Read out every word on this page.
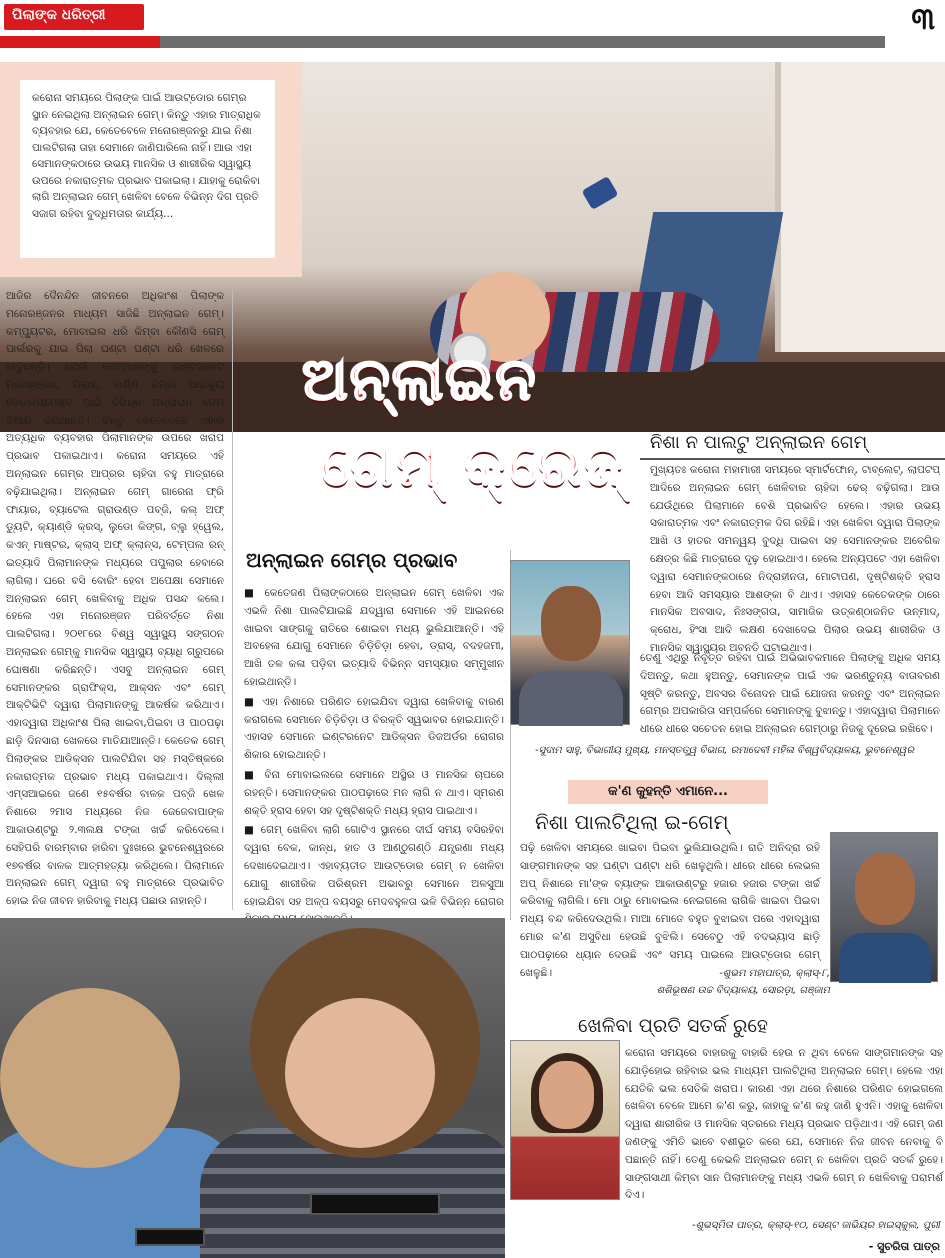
ପିଲାଙ୍କ ଧରିତ୍ରୀ	୩
କରୋନା ସମୟରେ ପିଲାଙ୍କ ପାଇଁ ଆଉଟ୍‌ଡୋର ଗେମ୍‌ର ସ୍ଥାନ ନେଇଥିଲା ଅନ୍‌ଲାଇନ ଗେମ୍। କିନ୍ତୁ ଏହାର ମାତ୍ରାଧିକ ବ୍ୟବହାର ଯେ, କେତେବେଳେ ମନୋରଞ୍ଜନରୁ ଯାଇ ନିଶା ପାଲଟିଗଲା ତାହା ସେମାନେ ଜାଣିପାରିଲେ ନାହିଁ। ଆଉ ଏହା ସେମାନଙ୍କଠାରେ ଉଭୟ ମାନସିକ ଓ ଶାରୀରିକ ସ୍ୱାସ୍ଥ୍ୟ ଉପରେ ନକାରାତ୍ମକ ପ୍ରଭାବ ପକାଇଲା। ଯାହାକୁ ରୋକିବା ଲାଗି ଅନ୍‌ଲାଇନ ଗେମ୍ ଖେଳିବା ବେଳେ ବିଭିନ୍ନ ଦିଗ ପ୍ରତି ସଜାଗ ରହିବା ବୁଦ୍ଧିମତାର କାର୍ଯ୍ୟ...
ଅନ୍‌ଲାଇନ
ଗେମ୍ କ୍ରେଜ୍
ଆଜିର ଦୈନନ୍ଦିନ ଜୀବନରେ ଅଧିକାଂଶ ପିଲାଙ୍କ ମନୋରଞ୍ଜନର ମାଧ୍ୟମ ସାଜିଛି ଅନ୍‌ଲାଇନ ଗେମ୍। କମ୍ପ୍ୟୁଟର, ମୋବାଇଲ ଧରି କିମ୍ବା କୌଣସି ଗେମ୍ ପାର୍ଲରକୁ ଯାଇ ପିଲା ଘଣ୍ଟା ଘଣ୍ଟା ଧରି ଖେଳରେ ମାତୁଛନ୍ତି। ଯେଉଁ ଗେମ୍‌ମାନଙ୍କୁ ଇଣ୍ଟରନେଟ ମନୋରଞ୍ଜନ, ଗିଲାବ୍, ଲର୍ଣ୍ଣ କିମ୍ବା ଆଇକ୍ୟୁ ଡେଭଲପ୍‌ମେଣ୍ଟ ପାଇଁ ବିଭିନ୍ନ ଅନ୍‌ଲାଇନ ଗେମ୍ ତିଆରି କରିଥାନ୍ତି। କିନ୍ତୁ କେତେବେଳେ ଏହାର ଅତ୍ୟଧିକ ବ୍ୟବହାର ପିଲାମାନଙ୍କ ଉପରେ ଖରାପ ପ୍ରଭାବ ପକାଇଥାଏ। କରୋନା ସମୟରେ ଏହି ଅନ୍‌ଲାଇନ ଗେମ୍‌ର ଆପ୍ରର ଚାହିଦା ବହୁ ମାତ୍ରାରେ ବଢ଼ିଯାଇଥିଲା। ଅନ୍‌ଲାଇନ ଗେମ୍ ଗାରେନା ଫ୍ରି ଫାୟାର, ବ୍ୟାଟେଲ ଗ୍ରାଉଣ୍ଡ ପବ୍‌ଜି, କଲ୍ ଅଫ୍ ଡ୍ୟୁଟି, କ୍ୟାଣ୍ଡି କ୍ରସ୍, ଲୁଡୋ କିଙ୍ଗ, ବ୍ଲୁ ହ୍ୱେଲ, କଏନ୍ ମାଷ୍ଟର, କ୍ଲାସ୍ ଅଫ୍ କ୍ଲାନ୍ସ, ଟେମ୍ପଲ ରନ୍ ଇତ୍ୟାଦି ପିଲାମାନଙ୍କ ମଧ୍ୟରେ ପପୁଲାର ହେବାରେ ଲାଗିଲା। ଘରେ ବସି ବୋରିଂ ହେବା ଅପେକ୍ଷା ସେମାନେ ଅନ୍‌ଲାଇନ ଗେମ୍ ଖେଳିବାକୁ ଅଧିକ ପସନ୍ଦ କଲେ। ହେଲେ ଏହା ମନୋରଞ୍ଜନ ପରିବର୍ତ୍ତେ ନିଶା ପାଲଟିଗଲା। ୨୦୧୮ରେ ବିଶ୍ୱ ସ୍ୱାସ୍ଥ୍ୟ ସଙ୍ଗଠନ ଅନ୍‌ଲାଇନ ଗେମ୍‌କୁ ମାନସିକ ସ୍ୱାସ୍ଥ୍ୟ ବ୍ୟାଧି ଗ୍ରୁପରେ ଘୋଷଣା କରିଛନ୍ତି। ଏସବୁ ଅନ୍‌ଲାଇନ ଗେମ୍ ସେମାନଙ୍କର ଗ୍ରାଫିକ୍ସ, ଆକ୍ସନ ଏବଂ ଗେମ୍ ଆକ୍ଟିଭିଟି ଦ୍ୱାରା ପିଲାମାନଙ୍କୁ ଆକର୍ଷକ କରିଥାଏ। ଏହାଦ୍ୱାରା ଅଧିକାଂଶ ପିଲା ଖାଇବା,ପିଇବା ଓ ପାଠପଢ଼ା ଛାଡ଼ି ଦିନସାରା ଖେଳରେ ମାତିଯାଆନ୍ତି। କେତେକ ଗେମ୍ ପିଲାଙ୍କର ଆଡିକ୍ସନ ପାଲଟିଯିବା ସହ ମସ୍ତିଷ୍କରେ ନକାରାତ୍ମକ ପ୍ରଭାବ ମଧ୍ୟ ପକାଇଥାଏ। ଦିଲ୍ଲୀ ଏମ୍ସଆଇରେ ଜଣେ ୧୫ବର୍ଷର ବାଳକ ପବ୍‌ଜି ଖେଳ ନିଶାରେ ୨ମାସ ମଧ୍ୟରେ ନିଜ ଜେଜେବାପାଙ୍କ ଆକାଉଣ୍ଟରୁ ୨.୩ଲକ୍ଷ ଟଙ୍କା ଖର୍ଚ୍ଚ କରିଦେଲେ। ସେହିପରି ବାରମ୍ବାର ହାରିବା ଦୁଃଖରେ ଭୁବନେଶ୍ୱରରେ ୧୭ବର୍ଷର ବାଳକ ଆତ୍ମହତ୍ୟା କରିଥିଲେ। ପିଲାମାନେ ଅନ୍‌ଲାଇନ ଗେମ୍ ଦ୍ୱାରା ବହୁ ମାତ୍ରାରେ ପ୍ରଭାବିତ ହୋଇ ନିଜ ଜୀବନ ହାରିବାକୁ ମଧ୍ୟ ପଛାଉ ନାହାନ୍ତି।
ଅନ୍‌ଲାଇନ ଗେମ୍‌ର ପ୍ରଭାବ

■ କେତେଜଣ ପିଲାଙ୍କଠାରେ ଅନ୍‌ଲାଇନ ଗେମ୍ ଖେଳିବା ଏକ ଏଭଳି ନିଶା ପାଲଟିଯାଇଛି ଯଦ୍ୱାରା ସେମାନେ ଏହି ଆଇନରେ ଖାଇବା ସାଙ୍ଗକୁ ରାତିରେ ଶୋଇବା ମଧ୍ୟ ଭୁଲିଯାଆନ୍ତି। ଏହି ଅବହେଳା ଯୋଗୁ ସେମାନେ ଚିଡ଼ିଚିଡ଼ା ହେବା, ଡ୍ରାସ୍, ବଦହଜମୀ, ଆଖି ତଳ କଳା ପଡ଼ିବା ଇତ୍ୟାଦି ବିଭିନ୍ନ ସମସ୍ୟାର ସମ୍ମୁଖୀନ ହୋଇଥାନ୍ତି।

■ ଏହା ନିଶାରେ ପରିଣତ ହୋଇଯିବା ଦ୍ୱାରା ଖେଳିବାକୁ ବାରଣ କରାଗଲେ ସେମାନେ ଚିଡ଼ିଚିଡ଼ା ଓ ବିରକ୍ତି ସ୍ୱଭାବର ହୋଇଯାନ୍ତି। ଏହାସହ ସେମାନେ ଇଣ୍ଟରନେଟ ଆଡିକ୍ସନ ଡିଜଅର୍ଡର ରୋଗର ଶିକାର ହୋଇଥାନ୍ତି।

■ ବିନା ମୋବାଇଲରେ ସେମାନେ ଅସ୍ଥିର ଓ ମାନସିକ ଚାପରେ ରହନ୍ତି। ସେମାନଙ୍କର ପାଠପଢ଼ାରେ ମନ ଲାଗି ନ ଥାଏ। ସ୍ମରଣ ଶକ୍ତି ହ୍ରାସ ହେବା ସହ ଦୃଷ୍ଟିଶକ୍ତି ମଧ୍ୟ ହ୍ରାସ ପାଇଥାଏ।

■ ଗେମ୍ ଖେଳିବା ଲାଗି ଗୋଟିଏ ସ୍ଥାନରେ ଦୀର୍ଘ ସମୟ ବସିରହିବା ଦ୍ୱାରା ବେକ, କାନ୍ଧ, ହାତ ଓ ଆଣ୍ଠୁଗଣ୍ଠି ଯନ୍ତ୍ରଣା ମଧ୍ୟ ଦେଖାଦେଇଥାଏ। ଏହାବ୍ୟତୀତ ଆଉଟ୍‌ଡୋର ଗେମ୍ ନ ଖେଳିବା ଯୋଗୁ ଶାରୀରିକ ପରିଶ୍ରମ ଅଭାବରୁ ସେମାନେ ଅଳସୁଆ ହୋଇଯିବା ସହ ଅଳ୍ପ ବୟସରୁ ମେଦବହୁଳତା ଭଳି ବିଭିନ୍ନ ରୋଗର

ନିଶା ନ ପାଲଟୁ ଅନ୍‌ଲାଇନ ଗେମ୍
ମୁଖ୍ୟତଃ କରୋନା ମହାମାରୀ ସମୟରେ ସ୍ମାର୍ଟଫୋନ୍, ଟାବ୍‌ଲେଟ୍, ଲାପଟପ୍ ଆଦିରେ ଅନ୍‌ଲାଇନ ଗେମ୍ ଖେଳିବାର ଚାହିଦା ଢେର୍ ବଢ଼ିଗଲା। ଆଉ ଯେଉଁଥିରେ ପିଲାମାନେ ବେଶି ପ୍ରଭାବିତ ହେଲେ। ଏହାର ଉଭୟ ସକାରାତ୍ମକ ଏବଂ ନକାରାତ୍ମକ ଦିଗ ରହିଛି। ଏହା ଖେଳିବା ଦ୍ୱାରା ପିଲାଙ୍କ ଆଖି ଓ ହାତର ସମନ୍ୱୟ ବୁଦ୍ଧି ପାଇବା ସହ ସେମାନଙ୍କର ଅବେଗିକ କ୍ଷେତ୍ର କିଛି ମାତ୍ରାରେ ଦୃଢ଼ ହୋଇଥାଏ। ହେଲେ ଅନ୍ୟପଟେ ଏହା ଖେଳିବା ଦ୍ୱାରା ସେମାନଙ୍କଠାରେ ନିଦ୍ରାହୀନତା, ମୋଟାପଣ, ଦୃଷ୍ଟିଶକ୍ତି ହ୍ରାସ ହେବା ଆଦି ସମସ୍ୟାର ଆଶଙ୍କା ବି ଥାଏ। ଏହାସହ କେତେକଙ୍କ ଠାରେ ମାନସିକ ଅବସାଦ, ନିଃସଙ୍ଗତା, ସାମାଜିକ ଉତ୍କଣ୍ଠାଜନିତ ଉନ୍ମାଦ୍, କ୍ରୋଧ, ହିଂସା ଆଦି ଲକ୍ଷଣ ଦେଖାଦେଇ ପିଲାର ଉଭୟ ଶାରୀରିକ ଓ ମାନସିକ ସ୍ୱାସ୍ଥ୍ୟର ଅବନତି ଘଟାଇଥାଏ।
ତେଣୁ ଏଥିରୁ ନିବୃତ୍ତ ରହିବା ପାଇଁ ଅଭିଭାବକମାନେ ପିଲାଙ୍କୁ ଅଧିକ ସମୟ ଦିଅନ୍ତୁ, କଥା ହୁଅନ୍ତୁ, ସେମାନଙ୍କ ପାଇଁ ଏକ ଭରଣ୍ତୁନ୍ୟ ବାତାବରଣ ସୃଷ୍ଟି କରନ୍ତୁ, ଅବସର ବିନୋଦନ ପାଇଁ ଯୋଜନା କରନ୍ତୁ ଏବଂ ଅନ୍‌ଲାଇନ ଗେମ୍‌ର ଅପକାରିତା ସମ୍ପର୍କରେ ସେମାନଙ୍କୁ ବୁଝାନ୍ତୁ। ଏହାଦ୍ୱାରା ପିଲାମାନେ ଧୀରେ ଧୀରେ ସଚେତନ ହୋଇ ଅନ୍‌ଲାଇନ ଗେମ୍‌ଠାରୁ ନିଜକୁ ଦୂରେଇ ରଖିବେ।
-ସୁଦାମ ସାହୁ, ବିଭାଗୀୟ ମୁଖ୍ୟ, ମନସ୍ତତ୍ତ୍ୱ ବିଭାଗ, ରମାଦେବୀ ମହିଳା ବିଶ୍ୱବିଦ୍ୟାଳୟ, ଭୁବନେଶ୍ୱର
କ'ଣ କୁହନ୍ତି ଏମାନେ...
ନିଶା ପାଲଟିଥିଲା ଇ-ଗେମ୍
ପଢ଼ି ଖେଳିବା ସମୟରେ ଖାଇବା ପିଇବା ଭୁଲିଯାଉଥିଲି। ରାତି ଅନିଦ୍ରା ରହି ସାଙ୍ଗମାନଙ୍କ ସହ ଘଣ୍ଟା ଘଣ୍ଟା ଧରି ଖେଳୁଥିଲି। ଧୀରେ ଧୀରେ ଲେଭଲ ଅପ୍ ନିଶାରେ ମା'ଙ୍କ ବ୍ୟାଙ୍କ ଆକାଉଣ୍ଟରୁ ହଜାର ହଜାର ଟଙ୍କା ଖର୍ଚ୍ଚ କରିବାକୁ ଲାଗିଲି। ମୋ ଠାରୁ ମୋବାଇଲ ନେଇଗଲେ ରାଗିକି ଖାଇବା ପିଇବା ମଧ୍ୟ ବନ୍ଦ କରିଦେଉଥିଲି। ମାଆ ମୋତେ ବହୁତ ବୁଝାଇବା ପରେ ଏହାଦ୍ୱାରା ମୋର କ'ଣ ଅସୁବିଧା ହେଉଛି ବୁଝିଲି। ସେବେଠୁ ଏହି ବଦଭ୍ୟାସ ଛାଡ଼ି ପାଠପଢ଼ାରେ ଧ୍ୟାନ ଦେଉଛି ଏବଂ ସମୟ ପାଇଲେ ଆଉଟ୍‌ଡୋର ଗେମ୍ ଖେଳୁଛି।	-ଶୁଭମ ମହାପାତ୍ର, କ୍ଲାସ୍-୮,
ଶଶିଭୂଷଣ ଉଚ୍ଚ ବିଦ୍ୟାଳୟ, ସୋରଡ଼ା, ଗଞ୍ଜାମ
ଖେଳିବା ପ୍ରତି ସତର୍କ ରୁହେ
କରୋନା ସମୟରେ ବାହାରକୁ ବାହାରି ହେଉ ନ ଥିବା ବେଳେ ସାଙ୍ଗମାନଙ୍କ ସହ ଯୋଡ଼ିହୋଇ ରହିବାର ଭଲ ମାଧ୍ୟମ ପାଲଟିଥିଲା ଅନ୍‌ଲାଇନ ଗେମ୍। ହେଲେ ଏହା ଯେତିକି ଭଲ ସେତିକି ଖରାପ। କାରଣ ଏହା ଥରେ ନିଶାରେ ପରିଣତ ହୋଇଗଲେ ଖେଳିବା ବେଳେ ଆମେ କ'ଣ କରୁ, କାହାକୁ କ'ଣ କହୁ ଜାଣି ହୁଏନି। ଏହାକୁ ଖେଳିବା ଦ୍ୱାରା ଶାରୀରିକ ଓ ମାନସିକ ସ୍ତରରେ ମଧ୍ୟ ପ୍ରଭାବ ପଡ଼ିଥାଏ। ଏହି ଗେମ୍ ଜଣ ଜଣଙ୍କୁ ଏମିତି ଭାବେ ବଶୀଭୂତ କରେ ଯେ, ସେମାନେ ନିଜ ଜୀବନ ନେବାକୁ ବି ପଛାନ୍ତି ନାହିଁ। ତେଣୁ କେଭଳି ଅନ୍‌ଲାଇନ ଗେମ୍ ନ ଖେଳିବା ପ୍ରତି ସତର୍କ ରୁହେ। ସାଙ୍ଗସାଥୀ କିମ୍ବା ସାନ ପିଲାମାନଙ୍କୁ ମଧ୍ୟ ଏଭଳି ଗେମ୍ ନ ଖେଳିବାକୁ ପରାମର୍ଶ ଦିଏ।
-ଶୁଭସ୍ମିତା ପାତ୍ର, କ୍ଲାସ୍-୧୦, ସେଣ୍ଟ ଜାଭିୟର ହାଇସ୍କୁଲ, ପୁରୀ
- ସୁଚରିତା ପାତ୍ର
